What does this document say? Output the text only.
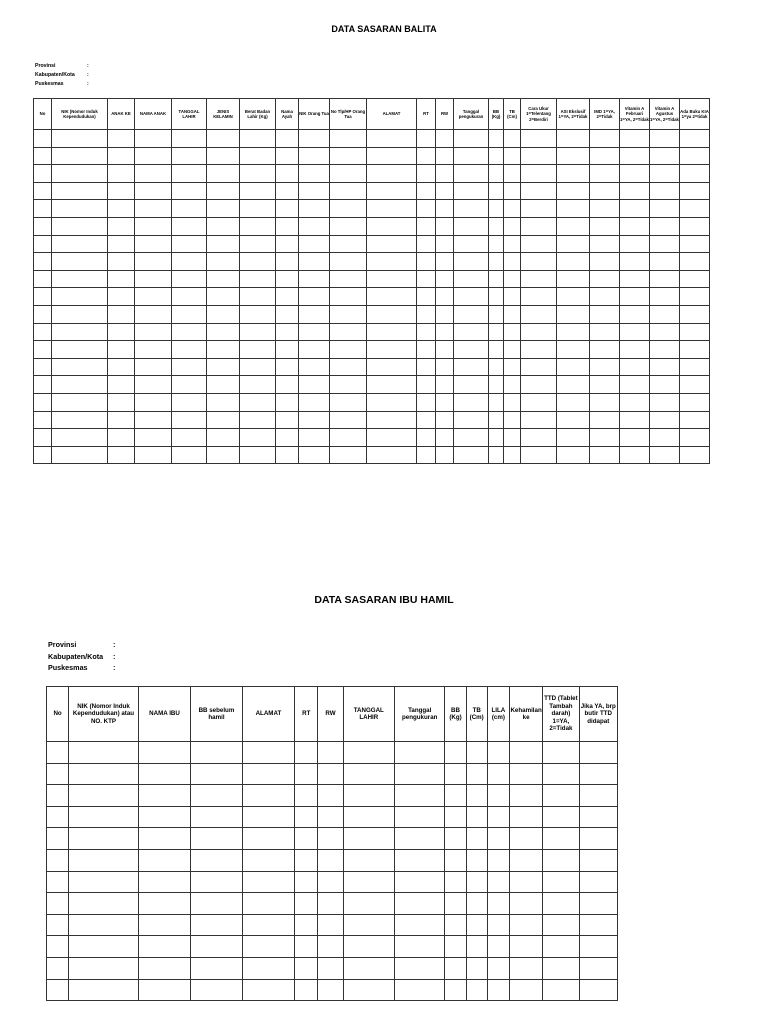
DATA SASARAN BALITA
Provinsi	:
Kabupaten/Kota	:
Puskesmas	:
No	NIK (Nomor Induk Kependudukan)	ANAK KE	NAMA ANAK	TANGGAL LAHIR	JENIS KELAMIN	Berat Badan Lahir (Kg)	Nama Ayah	NIK Orang Tua	No Tlp/HP Orang Tua	ALAMAT	RT	RW	Tanggal pengukuran	BB (Kg)	TB (Cm)	Cara Ukur 1=Telentang 2=Berdiri	ASI Ekslusif 1=YA, 2=Tidak	IMD 1=YA, 2=Tidak	Vitamin A Februari 1=YA, 2=Tidak	Vitamin A Agustus 1=YA, 2=Tidak	Ada Buku KIA 1=ya 2=tidak

DATA SASARAN IBU HAMIL
Provinsi	:
Kabupaten/Kota	:
Puskesmas	:
No	NIK (Nomor Induk Kependudukan) atau NO. KTP	NAMA IBU	BB sebelum hamil	ALAMAT	RT	RW	TANGGAL LAHIR	Tanggal pengukuran	BB (Kg)	TB (Cm)	LILA (cm)	Kehamilan ke	TTD (Tablet Tambah darah) 1=YA, 2=Tidak	Jika YA, brp butir TTD didapat
